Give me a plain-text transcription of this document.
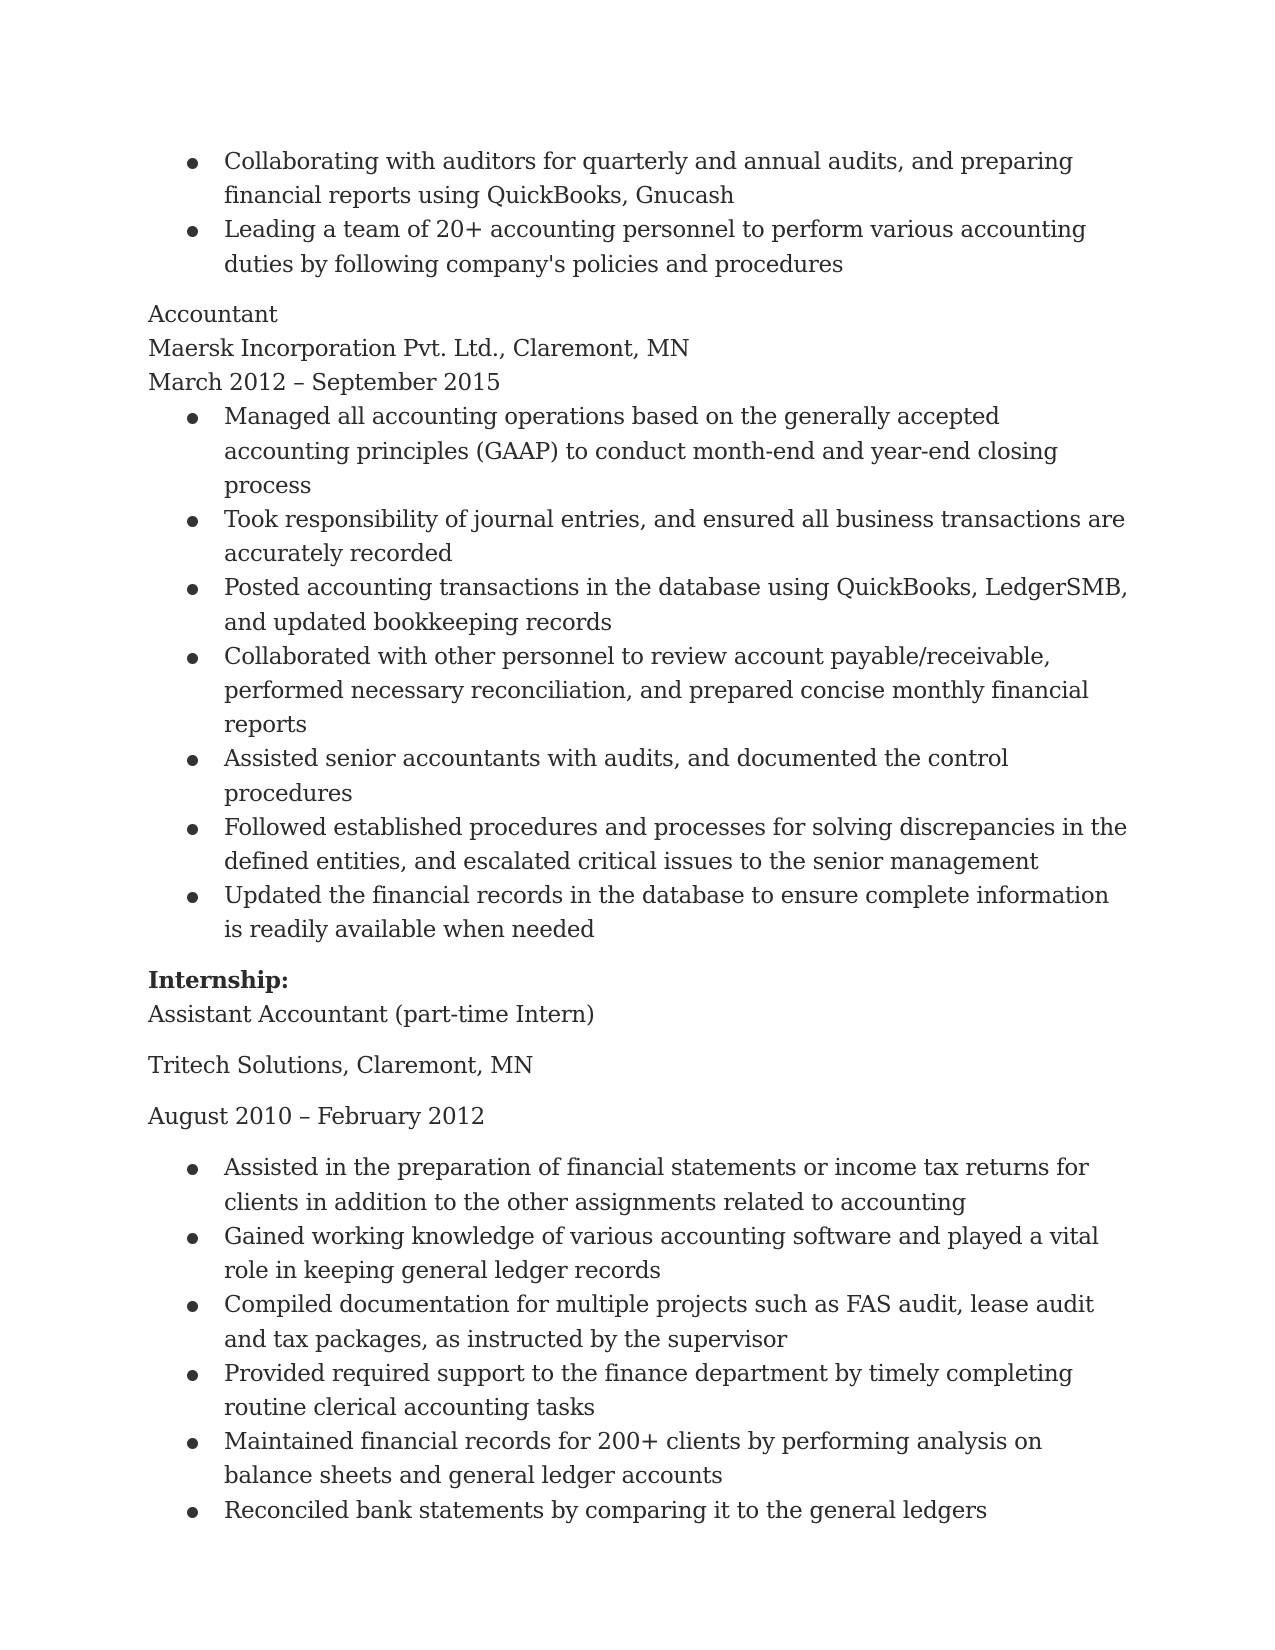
Collaborating with auditors for quarterly and annual audits, and preparing financial reports using QuickBooks, Gnucash
Leading a team of 20+ accounting personnel to perform various accounting duties by following company's policies and procedures
Accountant
Maersk Incorporation Pvt. Ltd., Claremont, MN
March 2012 – September 2015
Managed all accounting operations based on the generally accepted accounting principles (GAAP) to conduct month-end and year-end closing process
Took responsibility of journal entries, and ensured all business transactions are accurately recorded
Posted accounting transactions in the database using QuickBooks, LedgerSMB, and updated bookkeeping records
Collaborated with other personnel to review account payable/receivable, performed necessary reconciliation, and prepared concise monthly financial reports
Assisted senior accountants with audits, and documented the control procedures
Followed established procedures and processes for solving discrepancies in the defined entities, and escalated critical issues to the senior management
Updated the financial records in the database to ensure complete information is readily available when needed
Internship:
Assistant Accountant (part-time Intern)
Tritech Solutions, Claremont, MN
August 2010 – February 2012
Assisted in the preparation of financial statements or income tax returns for clients in addition to the other assignments related to accounting
Gained working knowledge of various accounting software and played a vital role in keeping general ledger records
Compiled documentation for multiple projects such as FAS audit, lease audit and tax packages, as instructed by the supervisor
Provided required support to the finance department by timely completing routine clerical accounting tasks
Maintained financial records for 200+ clients by performing analysis on balance sheets and general ledger accounts
Reconciled bank statements by comparing it to the general ledgers
